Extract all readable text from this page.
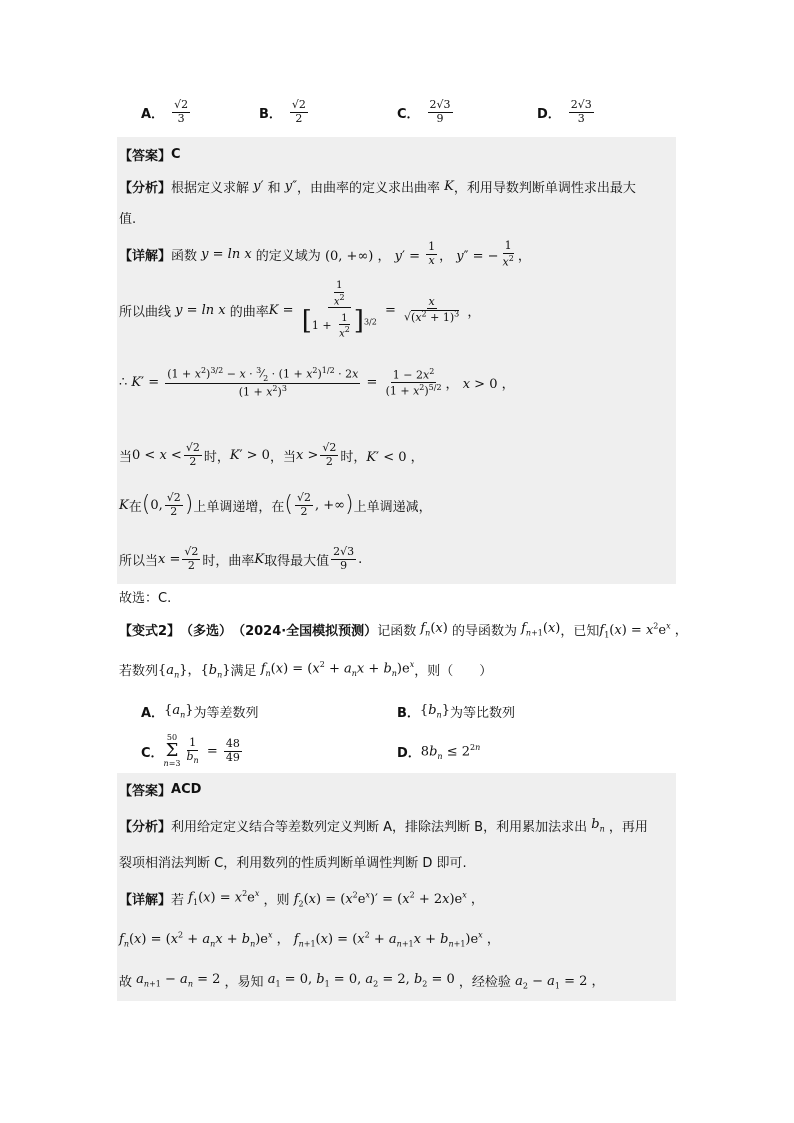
A． $\frac{√2}{3}$	B． $\frac{√2}{2}$	C． $\frac{2√3}{9}$	D． $\frac{2√3}{3}$
【答案】 C
【分析】 根据定义求解 y′ 和 y″ ，由曲率的定义求出曲率 K ，利用导数判断单调性求出最大
值.
【详解】 函数 y = ln x 的定义域为 (0, +∞) ， $y' = \frac{1}{x}$ ， y″ = − $\frac{1}{x^2}$ ，
所以曲线 y = ln x 的曲率 $K = \frac{\frac{1}{x^2}}{[1 + \frac{1}{x^2} ]^{3/2}} = \frac{x}{√(x^2 + 1)^3}$ ，
∴ $K' = \frac{(1 + x^2)^{3/2} - x \cdot ^3⁄_2 \cdot (1 + x^2)^{1/2} \cdot 2x}{(1 + x^2)^3} = \frac{1 - 2x^2}{(1 + x^2)^{5/2}}$ ， x > 0 ，
当 $0 < x < \frac{√2}{2}$ 时， K′ > 0 ，当 $x > \frac{√2}{2}$ 时， K′ < 0 ，
K 在 ( 0, $\frac{√2}{2}$ ) 上单调递增，在 ( $\frac{√2}{2}$ , +∞ ) 上单调递减，
所以当 $x = \frac{√2}{2}$ 时，曲率 K 取得最大值 $\frac{2√3}{9}$ .
故选：C.
【变式2】 （多选） （2024·全国模拟预测） 记函数 $f_n(x)$ 的导函数为 $f_{n+1}(x)$ ，已知 $f_1(x) = x^2e^x$ ，
若数列 $\{a_n\}$，$\{b_n\}$ 满足 $f_n(x) = (x^2 + a_nx + b_n)e^x$ ，则（　　）
A． $\{a_n\}$ 为等差数列	B． $\{b_n\}$ 为等比数列
C．
50
Σ
$n=3 \frac{1}{b_n} = \frac{48}{49}$	D． $8b_n \le 2^{2n}$
【答案】 ACD
【分析】 利用给定定义结合等差数列定义判断 A，排除法判断 B，利用累加法求出 $b_n$ ，再用
裂项相消法判断 C，利用数列的性质判断单调性判断 D 即可.
【详解】 若 $f_1(x) = x^2e^x$ ，则 $f_2(x) = (x^2e^x)' = (x^2 + 2x)e^x$ ，
$f_n(x) = (x^2 + a_nx + b_n)e^x$ ， $f_{n+1}(x) = (x^2 + a_{n+1}x + b_{n+1})e^x$ ，
故 $a_{n+1} - a_n = 2$ ，易知 $a_1 = 0$, $b_1 = 0$, $a_2 = 2$, $b_2 = 0$ ，经检验 $a_2 - a_1 = 2$ ，
